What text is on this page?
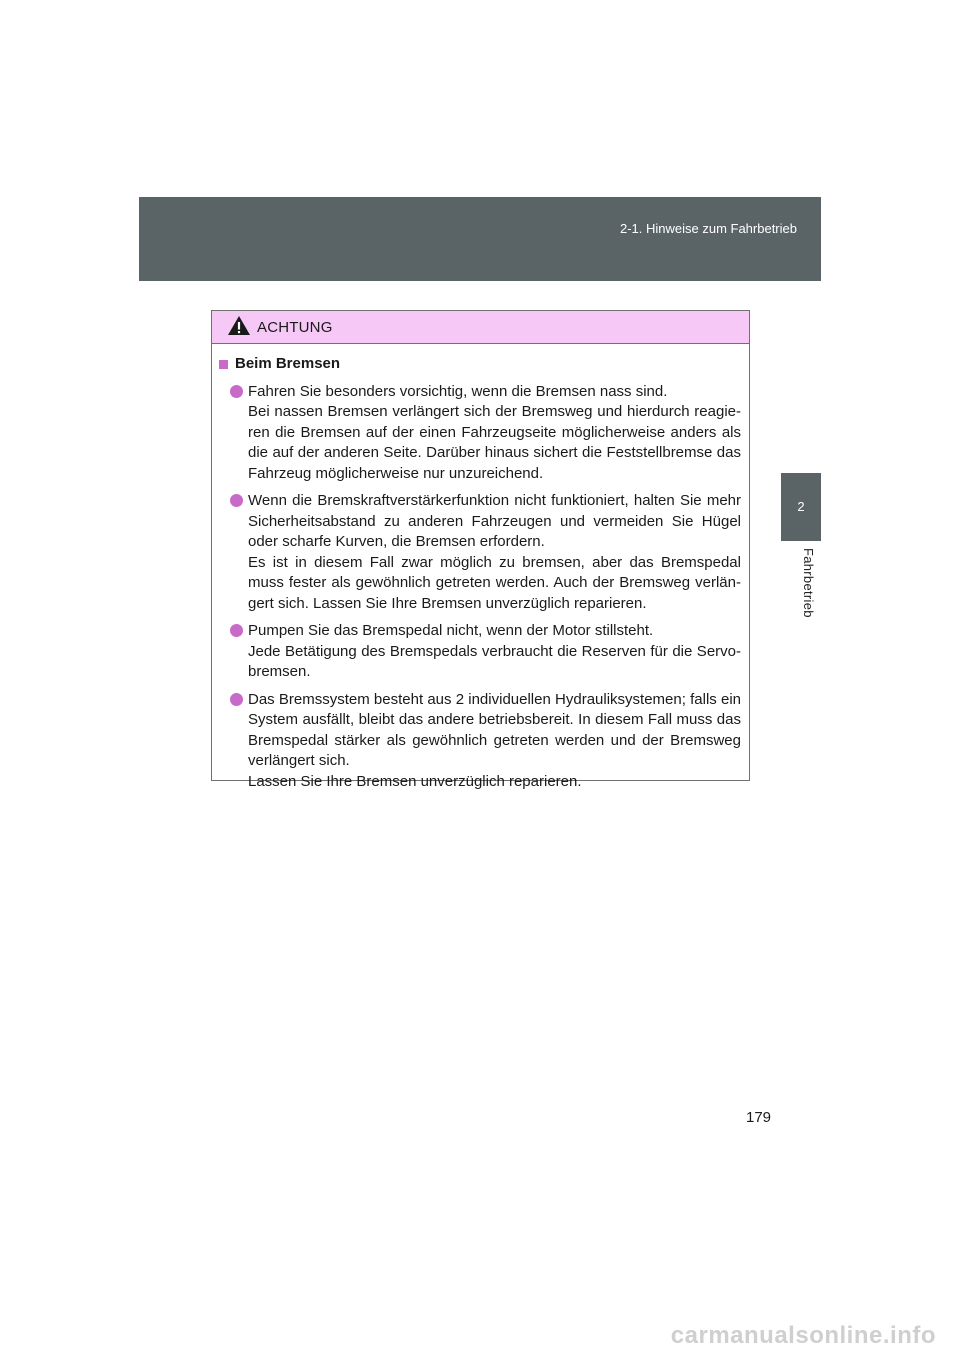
2-1. Hinweise zum Fahrbetrieb
2
Fahrbetrieb
ACHTUNG
Beim Bremsen

Fahren Sie besonders vorsichtig, wenn die Bremsen nass sind.

Bei nassen Bremsen verlängert sich der Bremsweg und hierdurch reagie-ren die Bremsen auf der einen Fahrzeugseite möglicherweise anders als die auf der anderen Seite. Darüber hinaus sichert die Feststellbremse das Fahrzeug möglicherweise nur unzureichend.

Wenn die Bremskraftverstärkerfunktion nicht funktioniert, halten Sie mehr Sicherheitsabstand zu anderen Fahrzeugen und vermeiden Sie Hügel oder scharfe Kurven, die Bremsen erfordern.

Es ist in diesem Fall zwar möglich zu bremsen, aber das Bremspedal muss fester als gewöhnlich getreten werden. Auch der Bremsweg verlän-gert sich. Lassen Sie Ihre Bremsen unverzüglich reparieren.

Pumpen Sie das Bremspedal nicht, wenn der Motor stillsteht.

Jede Betätigung des Bremspedals verbraucht die Reserven für die Servo-bremsen.

Das Bremssystem besteht aus 2 individuellen Hydrauliksystemen; falls ein System ausfällt, bleibt das andere betriebsbereit. In diesem Fall muss das Bremspedal stärker als gewöhnlich getreten werden und der Bremsweg verlängert sich.

Lassen Sie Ihre Bremsen unverzüglich reparieren.

179
carmanualsonline.info
